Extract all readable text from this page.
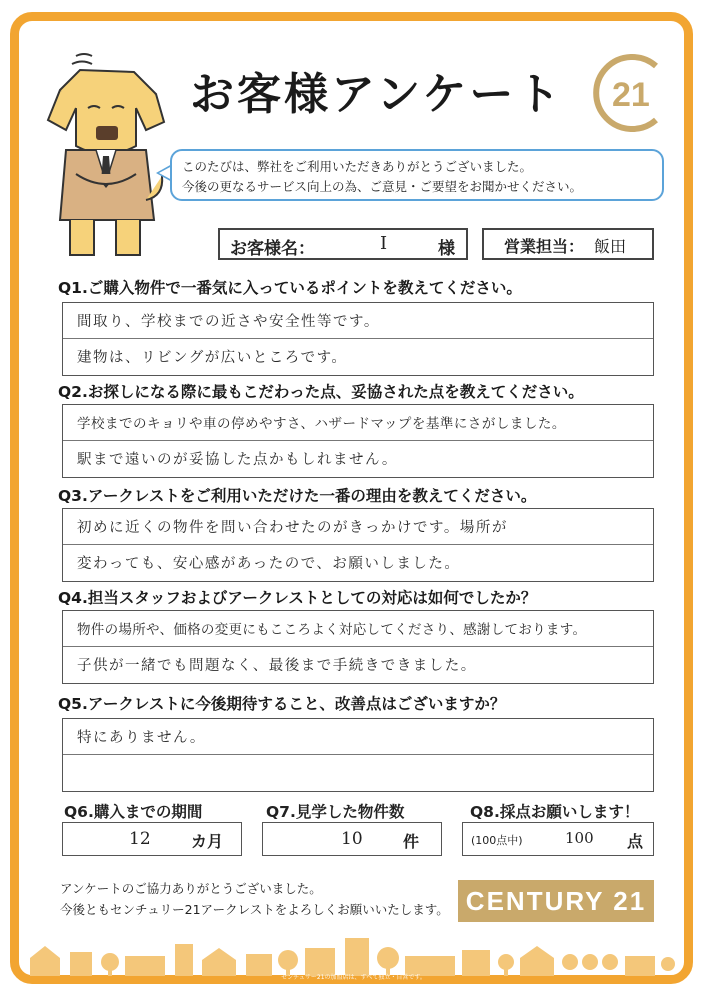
お客様アンケート 21
このたびは、弊社をご利用いただきありがとうございました。
今後の更なるサービス向上の為、ご意見・ご要望をお聞かせください。
お客様名：	I	様	営業担当： 飯田
Q1.ご購入物件で一番気に入っているポイントを教えてください。
間取り、学校までの近さや安全性等です。
建物は、リビングが広いところです。
Q2.お探しになる際に最もこだわった点、妥協された点を教えてください。
学校までのキョリや車の停めやすさ、ハザードマップを基準にさがしました。
駅まで遠いのが妥協した点かもしれません。
Q3.アークレストをご利用いただけた一番の理由を教えてください。
初めに近くの物件を問い合わせたのがきっかけです。場所が
変わっても、安心感があったので、お願いしました。
Q4.担当スタッフおよびアークレストとしての対応は如何でしたか？
物件の場所や、価格の変更にもこころよく対応してくださり、感謝しております。
子供が一緒でも問題なく、最後まで手続きできました。
Q5.アークレストに今後期待すること、改善点はございますか？
特にありません。
Q6.購入までの期間
12	カ月
Q7.見学した物件数
10	件
Q8.採点お願いします！
(100点中)	100 点
アンケートのご協力ありがとうございました。
今後ともセンチュリー21アークレストをよろしくお願いいたします。 CENTURY 21
センチュリー21の加盟店は、すべて独立・自営です。
